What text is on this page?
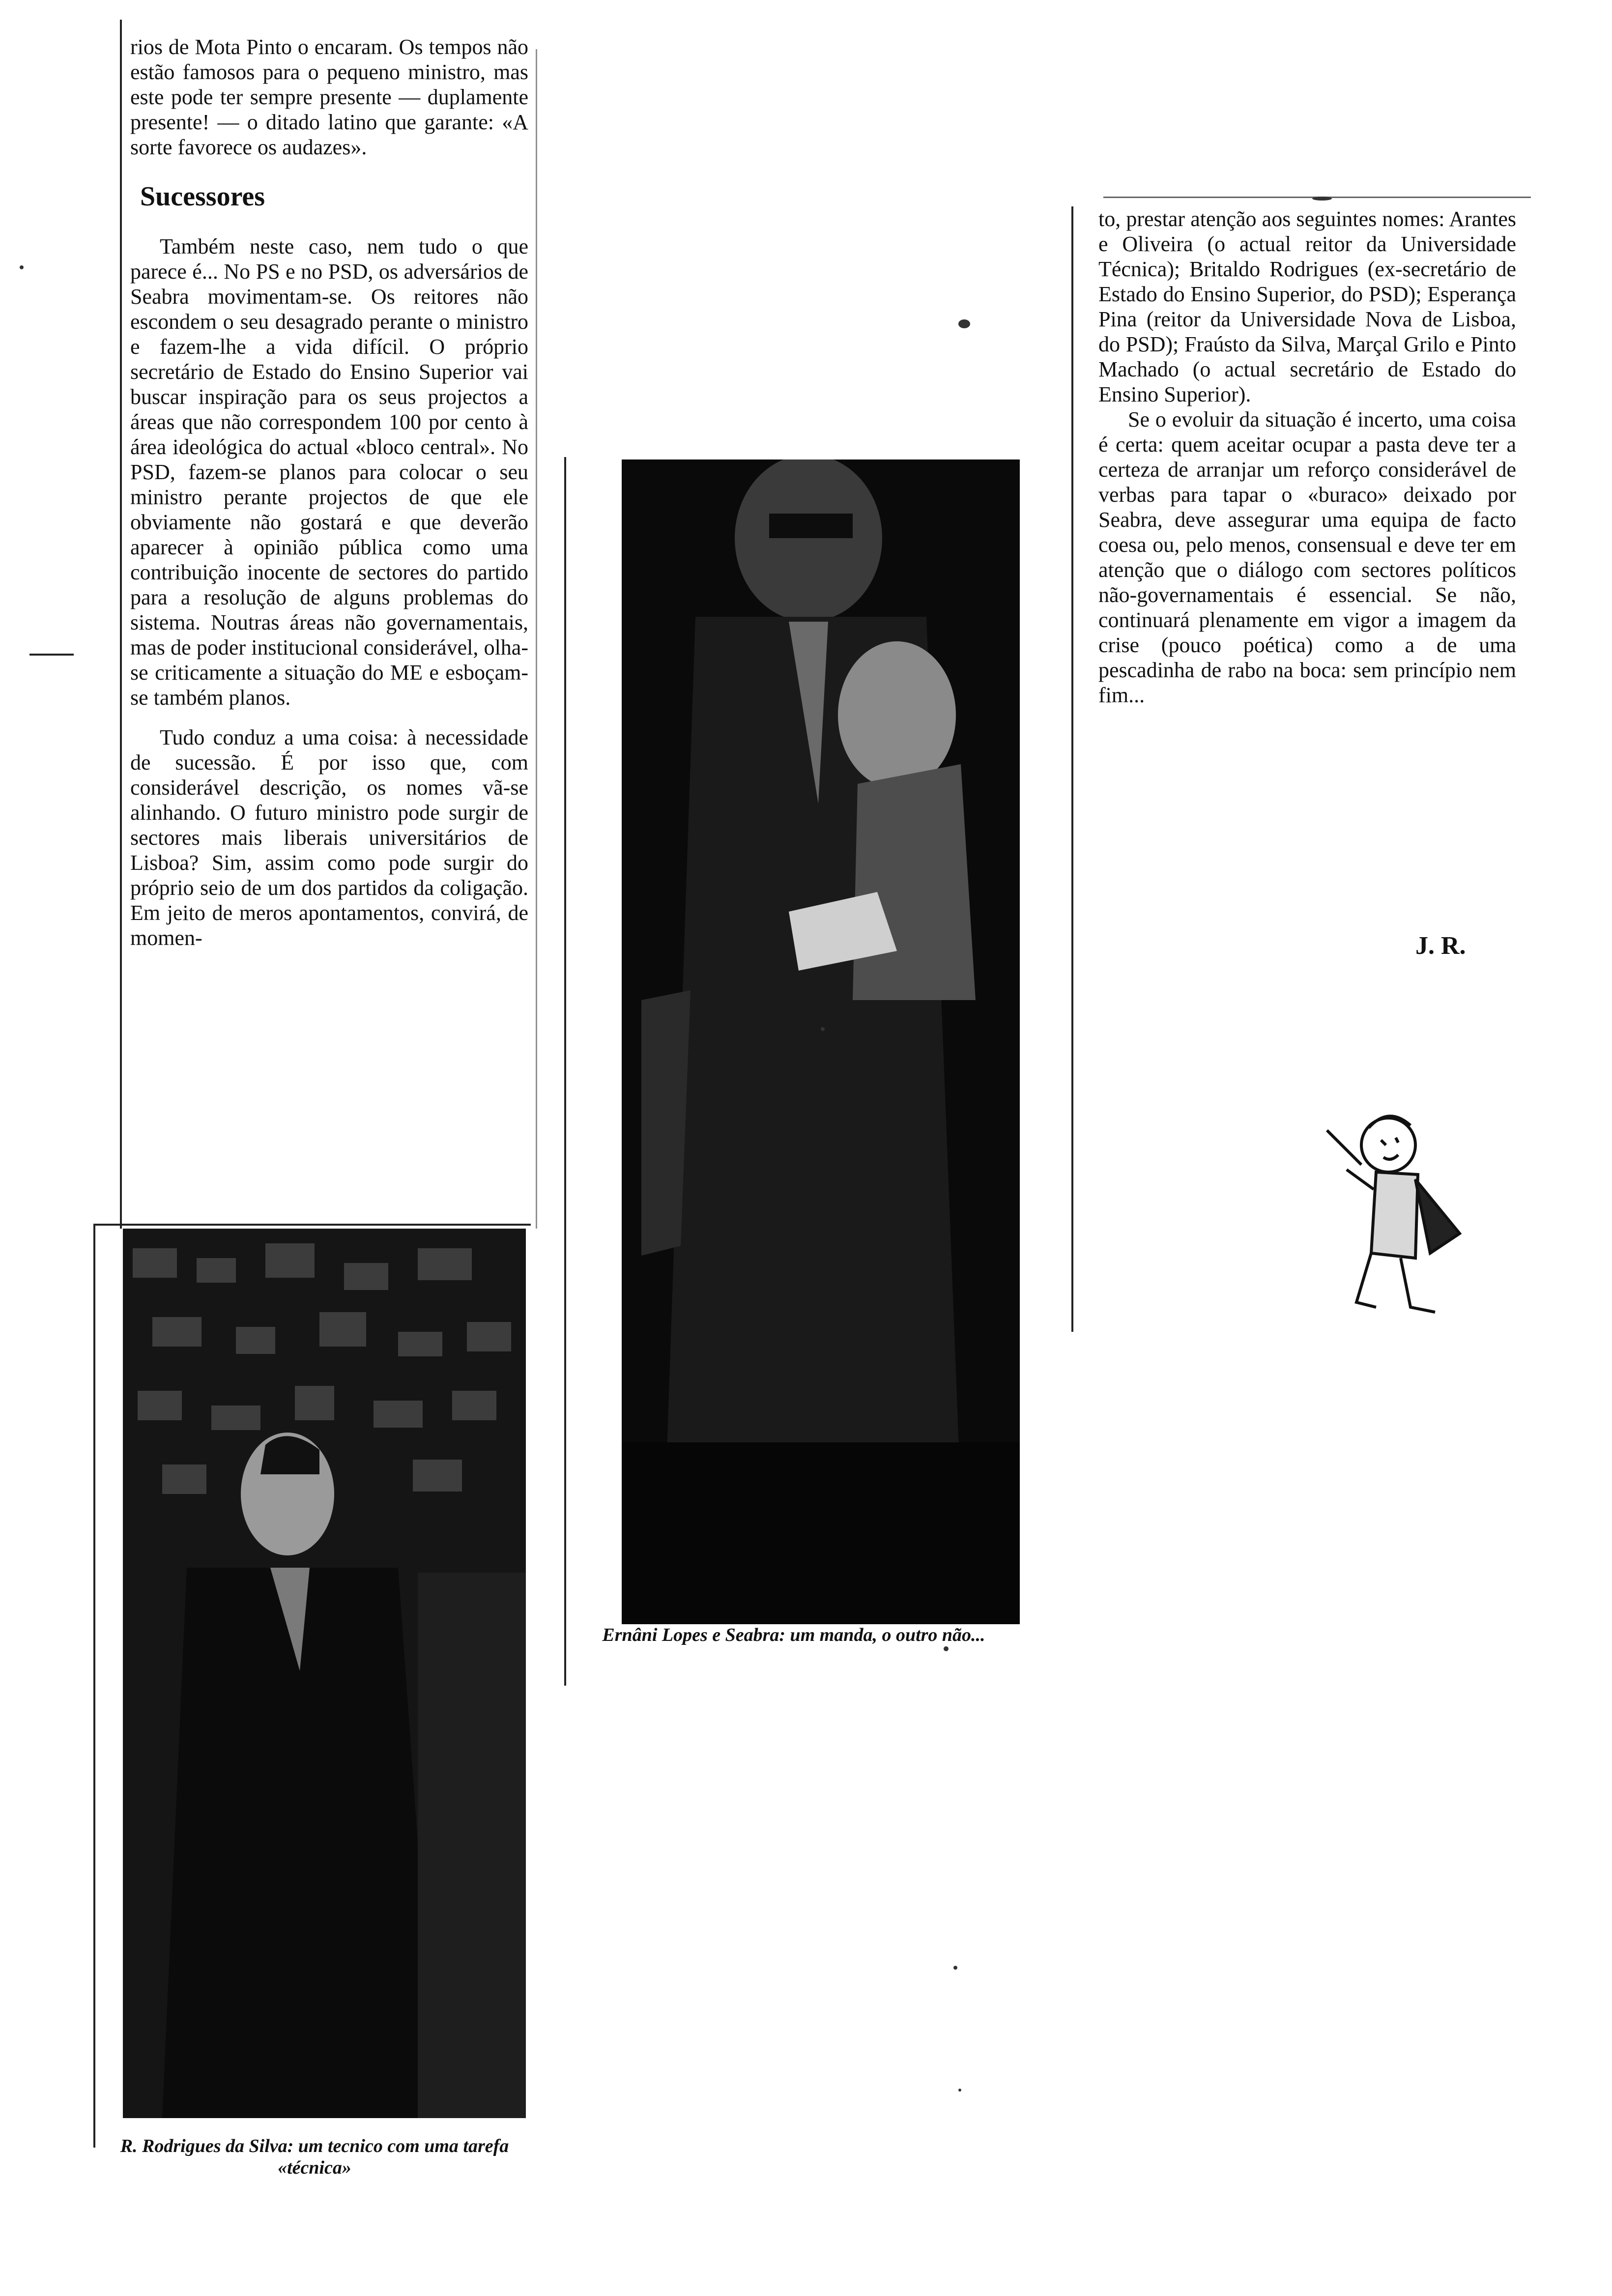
rios de Mota Pinto o encaram. Os tempos não estão famosos para o pequeno ministro, mas este pode ter sempre presente — duplamente presente! — o ditado latino que garante: «A sorte favorece os audazes».

Sucessores

Também neste caso, nem tudo o que parece é... No PS e no PSD, os adversários de Seabra movimentam-se. Os reitores não escondem o seu desagrado perante o ministro e fazem-lhe a vida difícil. O próprio secretário de Estado do Ensino Superior vai buscar inspiração para os seus projectos a áreas que não correspondem 100 por cento à área ideológica do actual «bloco central». No PSD, fazem-se planos para colocar o seu ministro perante projectos de que ele obviamente não gostará e que deverão aparecer à opinião pública como uma contribuição inocente de sectores do partido para a resolução de alguns problemas do sistema. Noutras áreas não governamentais, mas de poder institucional considerável, olha-se criticamente a situação do ME e esboçam-se também planos.

Tudo conduz a uma coisa: à necessidade de sucessão. É por isso que, com considerável descrição, os nomes vã-se alinhando. O futuro ministro pode surgir de sectores mais liberais universitários de Lisboa? Sim, assim como pode surgir do próprio seio de um dos partidos da coligação. Em jeito de meros apontamentos, convirá, de momen-

Ernâni Lopes e Seabra: um manda, o outro não...
R. Rodrigues da Silva: um tecnico com uma tarefa «técnica»

to, prestar atenção aos seguintes nomes: Arantes e Oliveira (o actual reitor da Universidade Técnica); Britaldo Rodrigues (ex-secretário de Estado do Ensino Superior, do PSD); Esperança Pina (reitor da Universidade Nova de Lisboa, do PSD); Fraústo da Silva, Marçal Grilo e Pinto Machado (o actual secretário de Estado do Ensino Superior).

Se o evoluir da situação é incerto, uma coisa é certa: quem aceitar ocupar a pasta deve ter a certeza de arranjar um reforço considerável de verbas para tapar o «buraco» deixado por Seabra, deve assegurar uma equipa de facto coesa ou, pelo menos, consensual e deve ter em atenção que o diálogo com sectores políticos não-governamentais é essencial. Se não, continuará plenamente em vigor a imagem da crise (pouco poética) como a de uma pescadinha de rabo na boca: sem princípio nem fim...

J. R.
